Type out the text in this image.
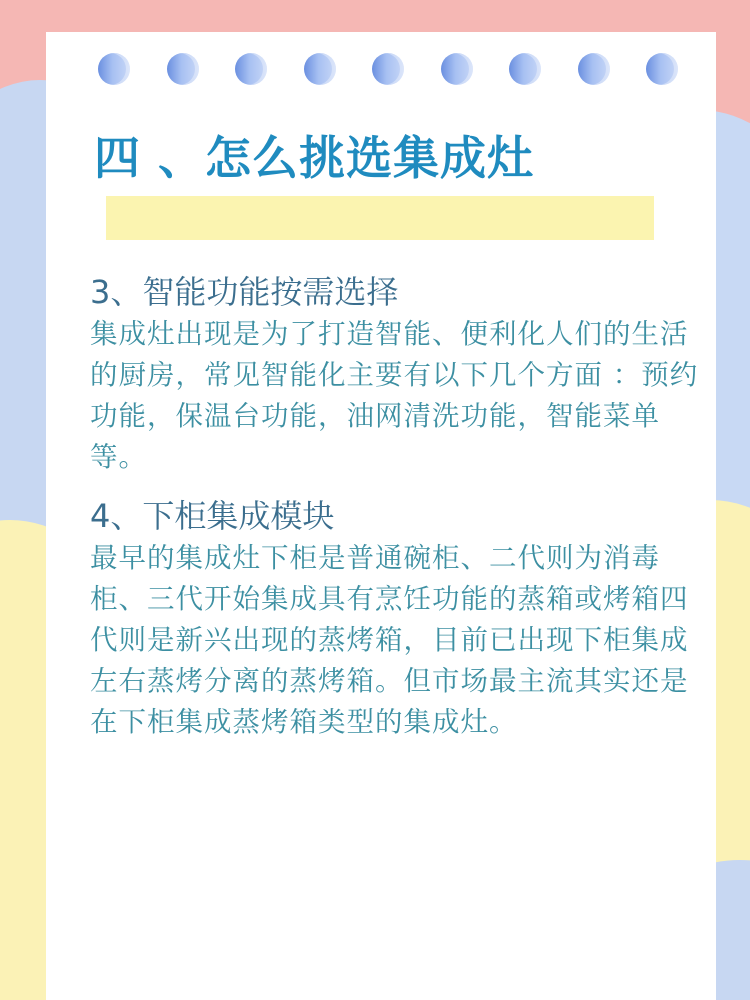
四 、怎么挑选集成灶
3、智能功能按需选择

集成灶出现是为了打造智能、便利化人们的生活的厨房，常见智能化主要有以下几个方面 ：预约功能，保温台功能，油网清洗功能，智能菜单等。

4、下柜集成模块

最早的集成灶下柜是普通碗柜、二代则为消毒柜、三代开始集成具有烹饪功能的蒸箱或烤箱四代则是新兴出现的蒸烤箱，目前已出现下柜集成左右蒸烤分离的蒸烤箱。但市场最主流其实还是在下柜集成蒸烤箱类型的集成灶。
